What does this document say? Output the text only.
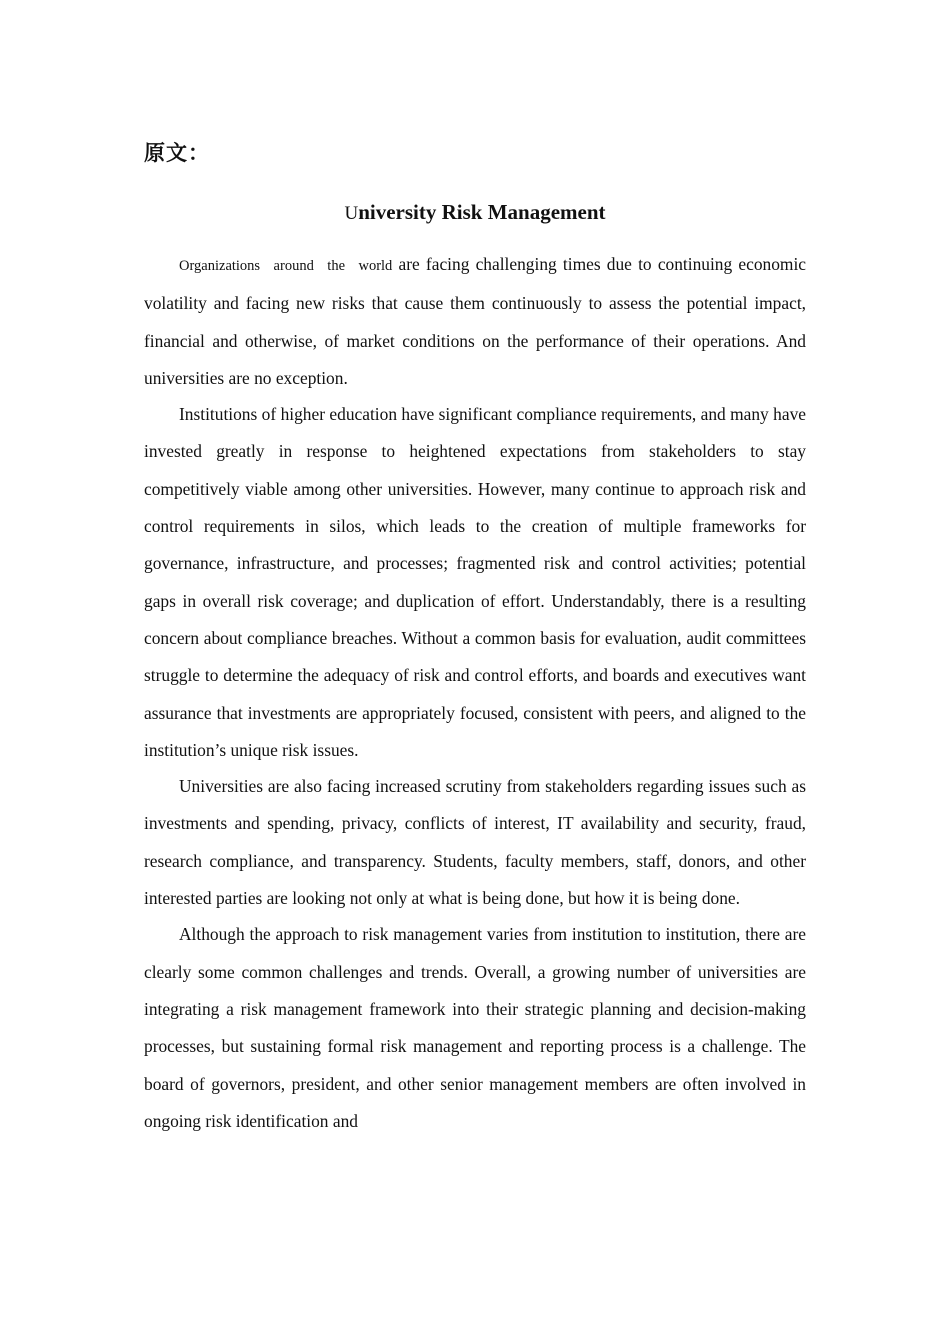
原文：
University Risk Management

Organizations around the world are facing challenging times due to continuing economic volatility and facing new risks that cause them continuously to assess the potential impact, financial and otherwise, of market conditions on the performance of their operations. And universities are no exception.

Institutions of higher education have significant compliance requirements, and many have invested greatly in response to heightened expectations from stakeholders to stay competitively viable among other universities. However, many continue to approach risk and control requirements in silos, which leads to the creation of multiple frameworks for governance, infrastructure, and processes; fragmented risk and control activities; potential gaps in overall risk coverage; and duplication of effort. Understandably, there is a resulting concern about compliance breaches. Without a common basis for evaluation, audit committees struggle to determine the adequacy of risk and control efforts, and boards and executives want assurance that investments are appropriately focused, consistent with peers, and aligned to the institution’s unique risk issues.

Universities are also facing increased scrutiny from stakeholders regarding issues such as investments and spending, privacy, conflicts of interest, IT availability and security, fraud, research compliance, and transparency. Students, faculty members, staff, donors, and other interested parties are looking not only at what is being done, but how it is being done.

Although the approach to risk management varies from institution to institution, there are clearly some common challenges and trends. Overall, a growing number of universities are integrating a risk management framework into their strategic planning and decision-making processes, but sustaining formal risk management and reporting process is a challenge. The board of governors, president, and other senior management members are often involved in ongoing risk identification and
